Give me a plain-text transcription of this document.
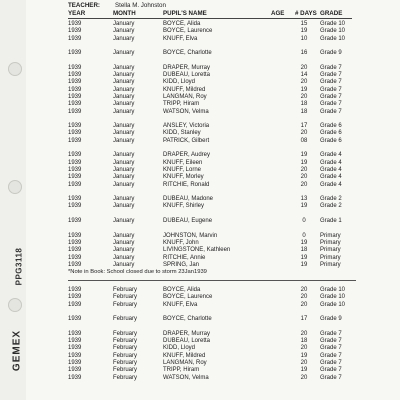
PPG3118
GEMEX
TEACHER: Stella M. Johnston
YEAR	MONTH	PUPIL'S NAME	AGE # DAYS GRADE
1939	January	BOYCE, Alida	15 Grade 10
1939	January	BOYCE, Laurence	19 Grade 10
1939	January	KNUFF, Elva	10 Grade 10
1939	January	BOYCE, Charlotte	16 Grade 9
1939	January	DRAPER, Murray	20 Grade 7
1939	January	DUBEAU, Loretta	14 Grade 7
1939	January	KIDD, Lloyd	20 Grade 7
1939	January	KNUFF, Mildred	19 Grade 7
1939	January	LANGMAN, Roy	20 Grade 7
1939	January	TRIPP, Hiram	18 Grade 7
1939	January	WATSON, Velma	18 Grade 7
1939	January	ANSLEY, Victoria	17 Grade 6
1939	January	KIDD, Stanley	20 Grade 6
1939	January	PATRICK, Gilbert	08 Grade 6
1939	January	DRAPER, Audrey	19 Grade 4
1939	January	KNUFF, Eileen	19 Grade 4
1939	January	KNUFF, Lorne	20 Grade 4
1939	January	KNUFF, Morley	20 Grade 4
1939	January	RITCHIE, Ronald	20 Grade 4
1939	January	DUBEAU, Madone	13 Grade 2
1939	January	KNUFF, Shirley	19 Grade 2
1939	January	DUBEAU, Eugene	0	Grade 1
1939	January	JOHNSTON, Marvin	0	Primary
1939	January	KNUFF, John	19 Primary
1939	January	LIVINGSTONE, Kathleen	18 Primary
1939	January	RITCHIE, Annie	19 Primary
1939	January	SPRING, Jan	19 Primary
*Note in Book: School closed due to storm 23Jan1939
1939	February	BOYCE, Alida	20 Grade 10
1939	February	BOYCE, Laurence	20 Grade 10
1939	February	KNUFF, Elva	20 Grade 10
1939	February	BOYCE, Charlotte	17 Grade 9
1939	February	DRAPER, Murray	20 Grade 7
1939	February	DUBEAU, Loretta	18 Grade 7
1939	February	KIDD, Lloyd	20 Grade 7
1939	February	KNUFF, Mildred	19 Grade 7
1939	February	LANGMAN, Roy	20 Grade 7
1939	February	TRIPP, Hiram	19 Grade 7
1939	February	WATSON, Velma	20 Grade 7
